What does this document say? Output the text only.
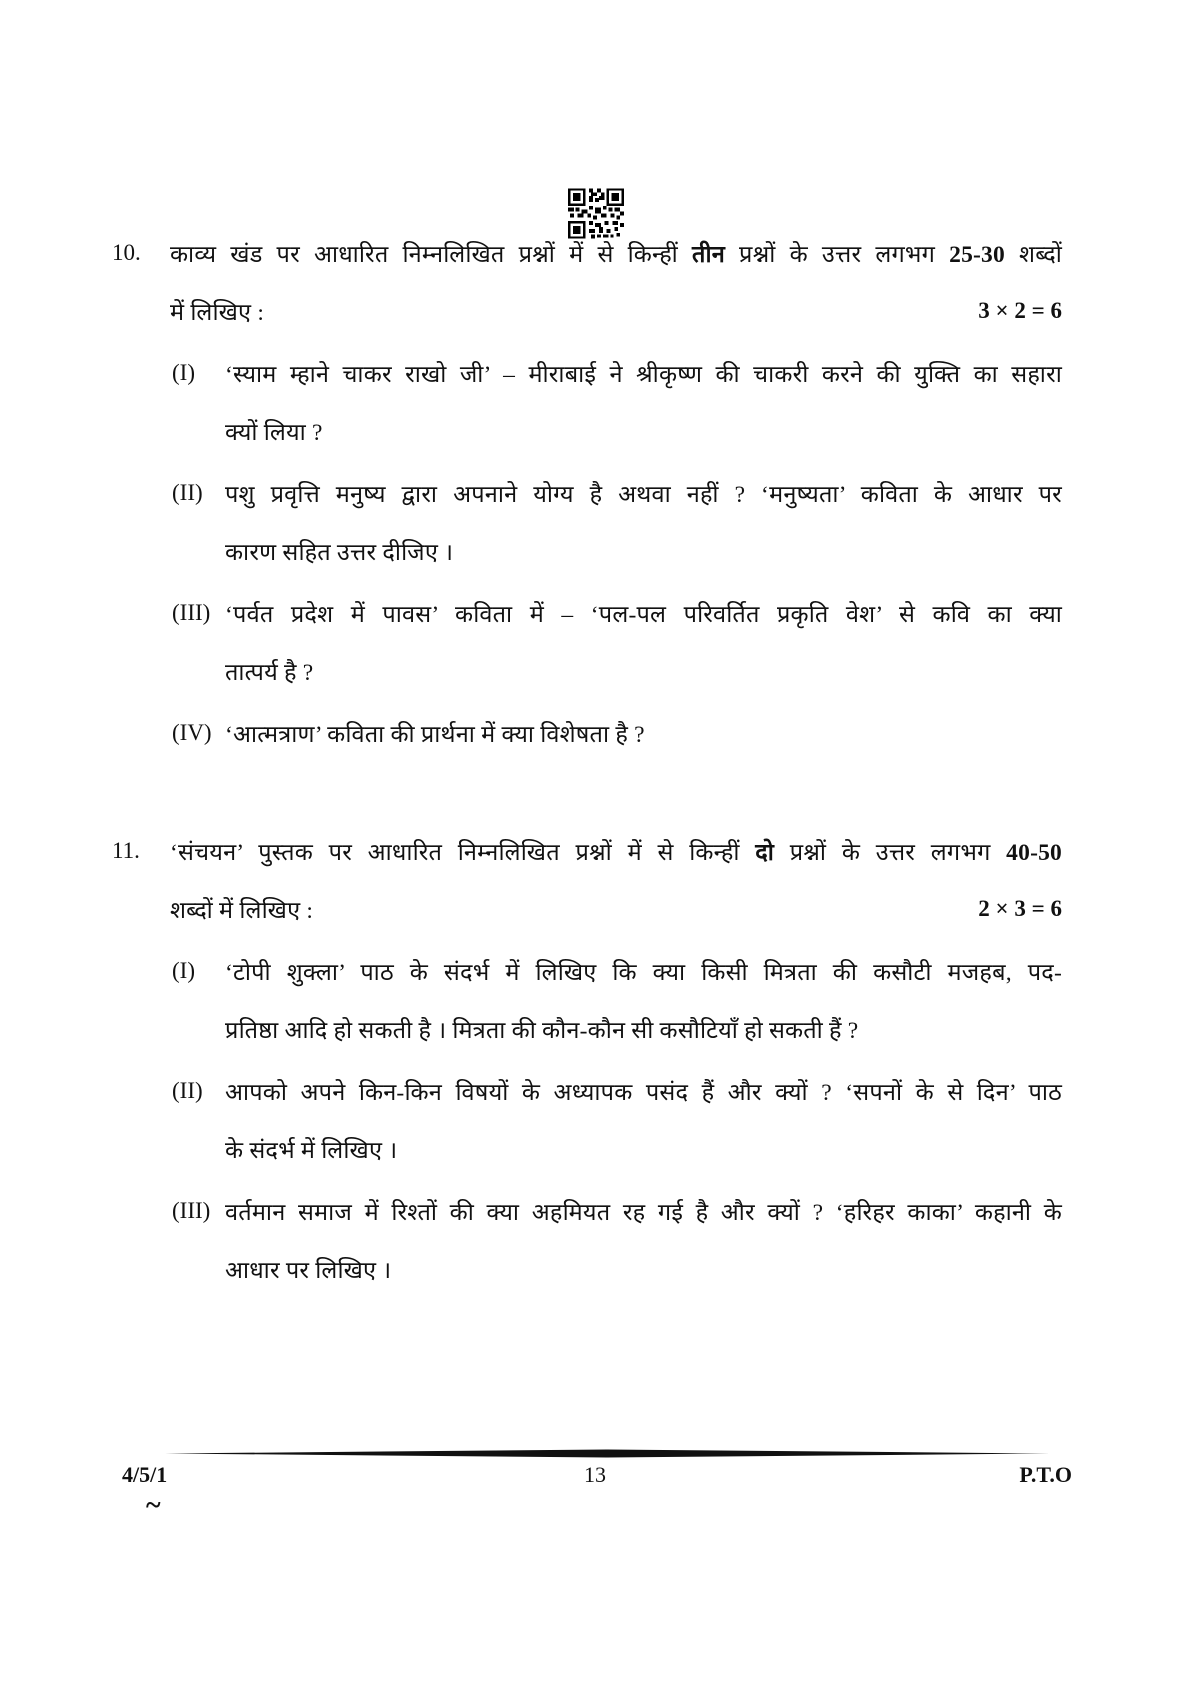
10. काव्य खंड पर आधारित निम्नलिखित प्रश्नों में से किन्हीं तीन प्रश्नों के उत्तर लगभग 25-30 शब्दों
में लिखिए :	3 × 2 = 6
(I) ‘स्याम म्हाने चाकर राखो जी’ – मीराबाई ने श्रीकृष्ण की चाकरी करने की युक्ति का सहारा
क्यों लिया ?
(II) पशु प्रवृत्ति मनुष्य द्वारा अपनाने योग्य है अथवा नहीं ? ‘मनुष्यता’ कविता के आधार पर
कारण सहित उत्तर दीजिए ।
(III) ‘पर्वत प्रदेश में पावस’ कविता में – ‘पल-पल परिवर्तित प्रकृति वेश’ से कवि का क्या
तात्पर्य है ?
(IV) ‘आत्मत्राण’ कविता की प्रार्थना में क्या विशेषता है ?
11. ‘संचयन’ पुस्तक पर आधारित निम्नलिखित प्रश्नों में से किन्हीं दो प्रश्नों के उत्तर लगभग 40-50
शब्दों में लिखिए :	2 × 3 = 6
(I) ‘टोपी शुक्ला’ पाठ के संदर्भ में लिखिए कि क्या किसी मित्रता की कसौटी मजहब, पद-
प्रतिष्ठा आदि हो सकती है । मित्रता की कौन-कौन सी कसौटियाँ हो सकती हैं ?
(II) आपको अपने किन-किन विषयों के अध्यापक पसंद हैं और क्यों ? ‘सपनों के से दिन’ पाठ
के संदर्भ में लिखिए ।
(III) वर्तमान समाज में रिश्तों की क्या अहमियत रह गई है और क्यों ? ‘हरिहर काका’ कहानी के
आधार पर लिखिए ।
4/5/1	13	P.T.O
~
